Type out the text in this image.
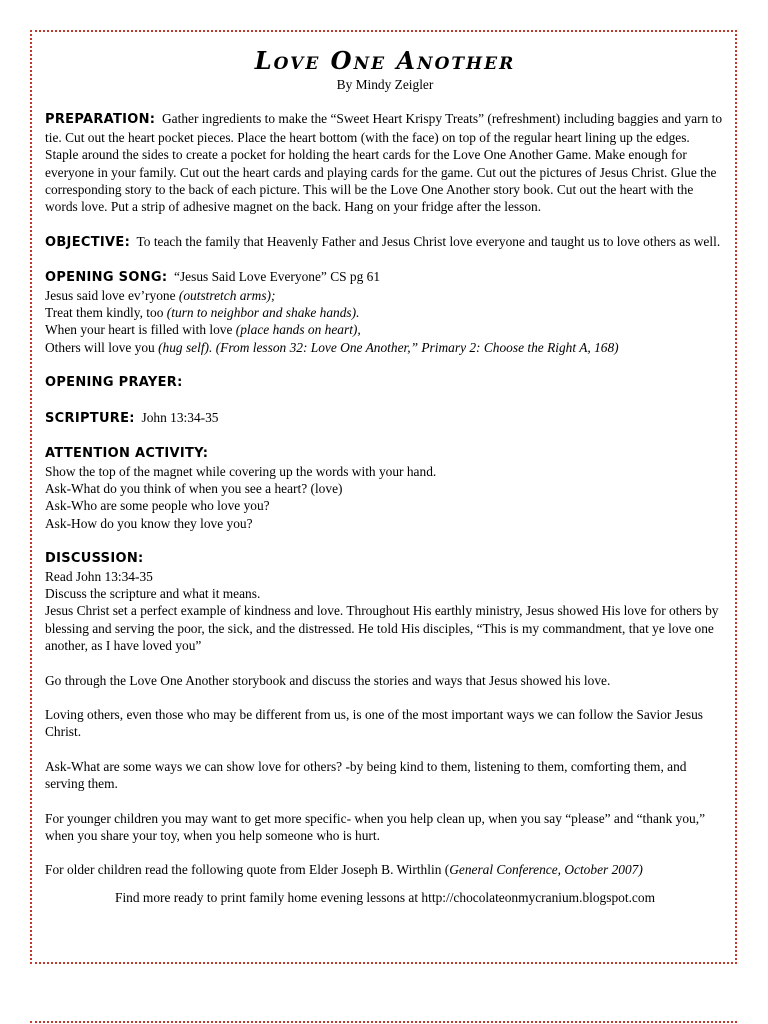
Love One Another

By Mindy Zeigler

PREPARATION: Gather ingredients to make the “Sweet Heart Krispy Treats” (refreshment) including baggies and yarn to tie. Cut out the heart pocket pieces. Place the heart bottom (with the face) on top of the regular heart lining up the edges. Staple around the sides to create a pocket for holding the heart cards for the Love One Another Game. Make enough for everyone in your family. Cut out the heart cards and playing cards for the game. Cut out the pictures of Jesus Christ. Glue the corresponding story to the back of each picture. This will be the Love One Another story book. Cut out the heart with the words love. Put a strip of adhesive magnet on the back. Hang on your fridge after the lesson.

OBJECTIVE: To teach the family that Heavenly Father and Jesus Christ love everyone and taught us to love others as well.

OPENING SONG: “Jesus Said Love Everyone” CS pg 61

Jesus said love ev’ryone (outstretch arms);

Treat them kindly, too (turn to neighbor and shake hands).

When your heart is filled with love (place hands on heart),

Others will love you (hug self). (From lesson 32: Love One Another,” Primary 2: Choose the Right A, 168)

OPENING PRAYER:

SCRIPTURE: John 13:34-35

ATTENTION ACTIVITY:

Show the top of the magnet while covering up the words with your hand.

Ask-What do you think of when you see a heart? (love)

Ask-Who are some people who love you?

Ask-How do you know they love you?

DISCUSSION:

Read John 13:34-35

Discuss the scripture and what it means.

Jesus Christ set a perfect example of kindness and love. Throughout His earthly ministry, Jesus showed His love for others by blessing and serving the poor, the sick, and the distressed. He told His disciples, “This is my commandment, that ye love one another, as I have loved you”

Go through the Love One Another storybook and discuss the stories and ways that Jesus showed his love.

Loving others, even those who may be different from us, is one of the most important ways we can follow the Savior Jesus Christ.

Ask-What are some ways we can show love for others? -by being kind to them, listening to them, comforting them, and serving them.

For younger children you may want to get more specific- when you help clean up, when you say “please” and “thank you,” when you share your toy, when you help someone who is hurt.

For older children read the following quote from Elder Joseph B. Wirthlin (General Conference, October 2007)

Find more ready to print family home evening lessons at http://chocolateonmycranium.blogspot.com
